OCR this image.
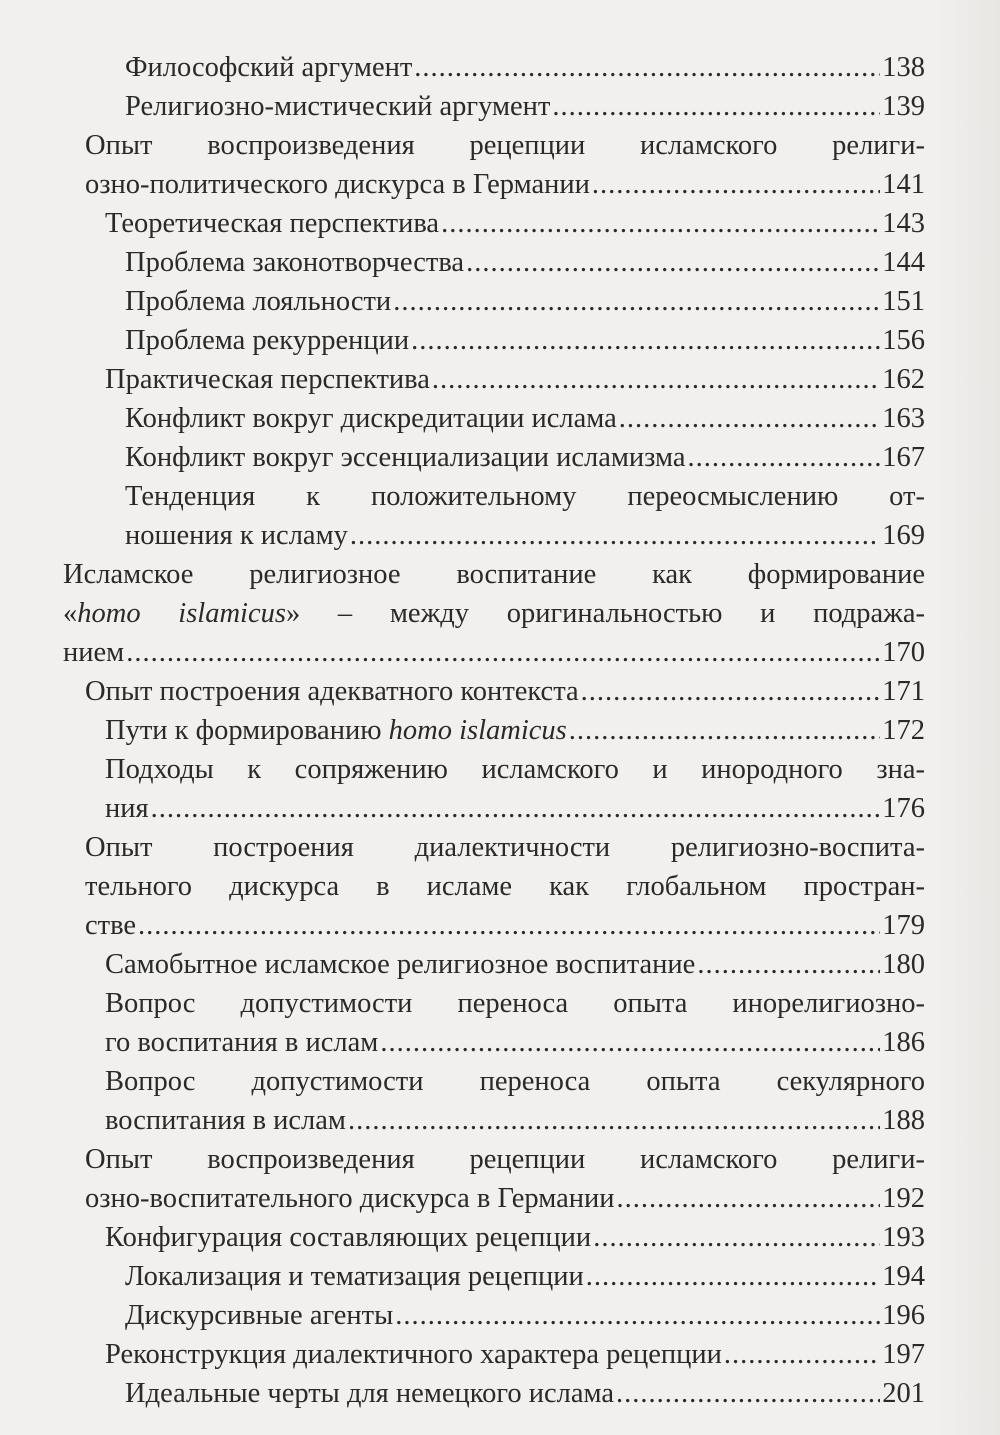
Философский аргумент .....	138
Религиозно-мистический аргумент .....	139
Опыт воспроизведения рецепции исламского религи-
озно-политического дискурса в Германии .....	141
Теоретическая перспектива .....	143
Проблема законотворчества .....	144
Проблема лояльности .....	151
Проблема рекурренции .....	156
Практическая перспектива .....	162
Конфликт вокруг дискредитации ислама .....	163
Конфликт вокруг эссенциализации исламизма .....	167
Тенденция к положительному переосмыслению от-
ношения к исламу .....	169
Исламское религиозное воспитание как формирование
«homo islamicus» – между оригинальностью и подража-
нием .....	170
Опыт построения адекватного контекста .....	171
Пути к формированию homo islamicus .....	172
Подходы к сопряжению исламского и инородного зна-
ния .....	176
Опыт построения диалектичности религиозно-воспита-
тельного дискурса в исламе как глобальном простран-
стве .....	179
Самобытное исламское религиозное воспитание .....	180
Вопрос допустимости переноса опыта инорелигиозно-
го воспитания в ислам .....	186
Вопрос допустимости переноса опыта секулярного
воспитания в ислам .....	188
Опыт воспроизведения рецепции исламского религи-
озно-воспитательного дискурса в Германии .....	192
Конфигурация составляющих рецепции .....	193
Локализация и тематизация рецепции .....	194
Дискурсивные агенты .....	196
Реконструкция диалектичного характера рецепции .....	197
Идеальные черты для немецкого ислама .....	201
